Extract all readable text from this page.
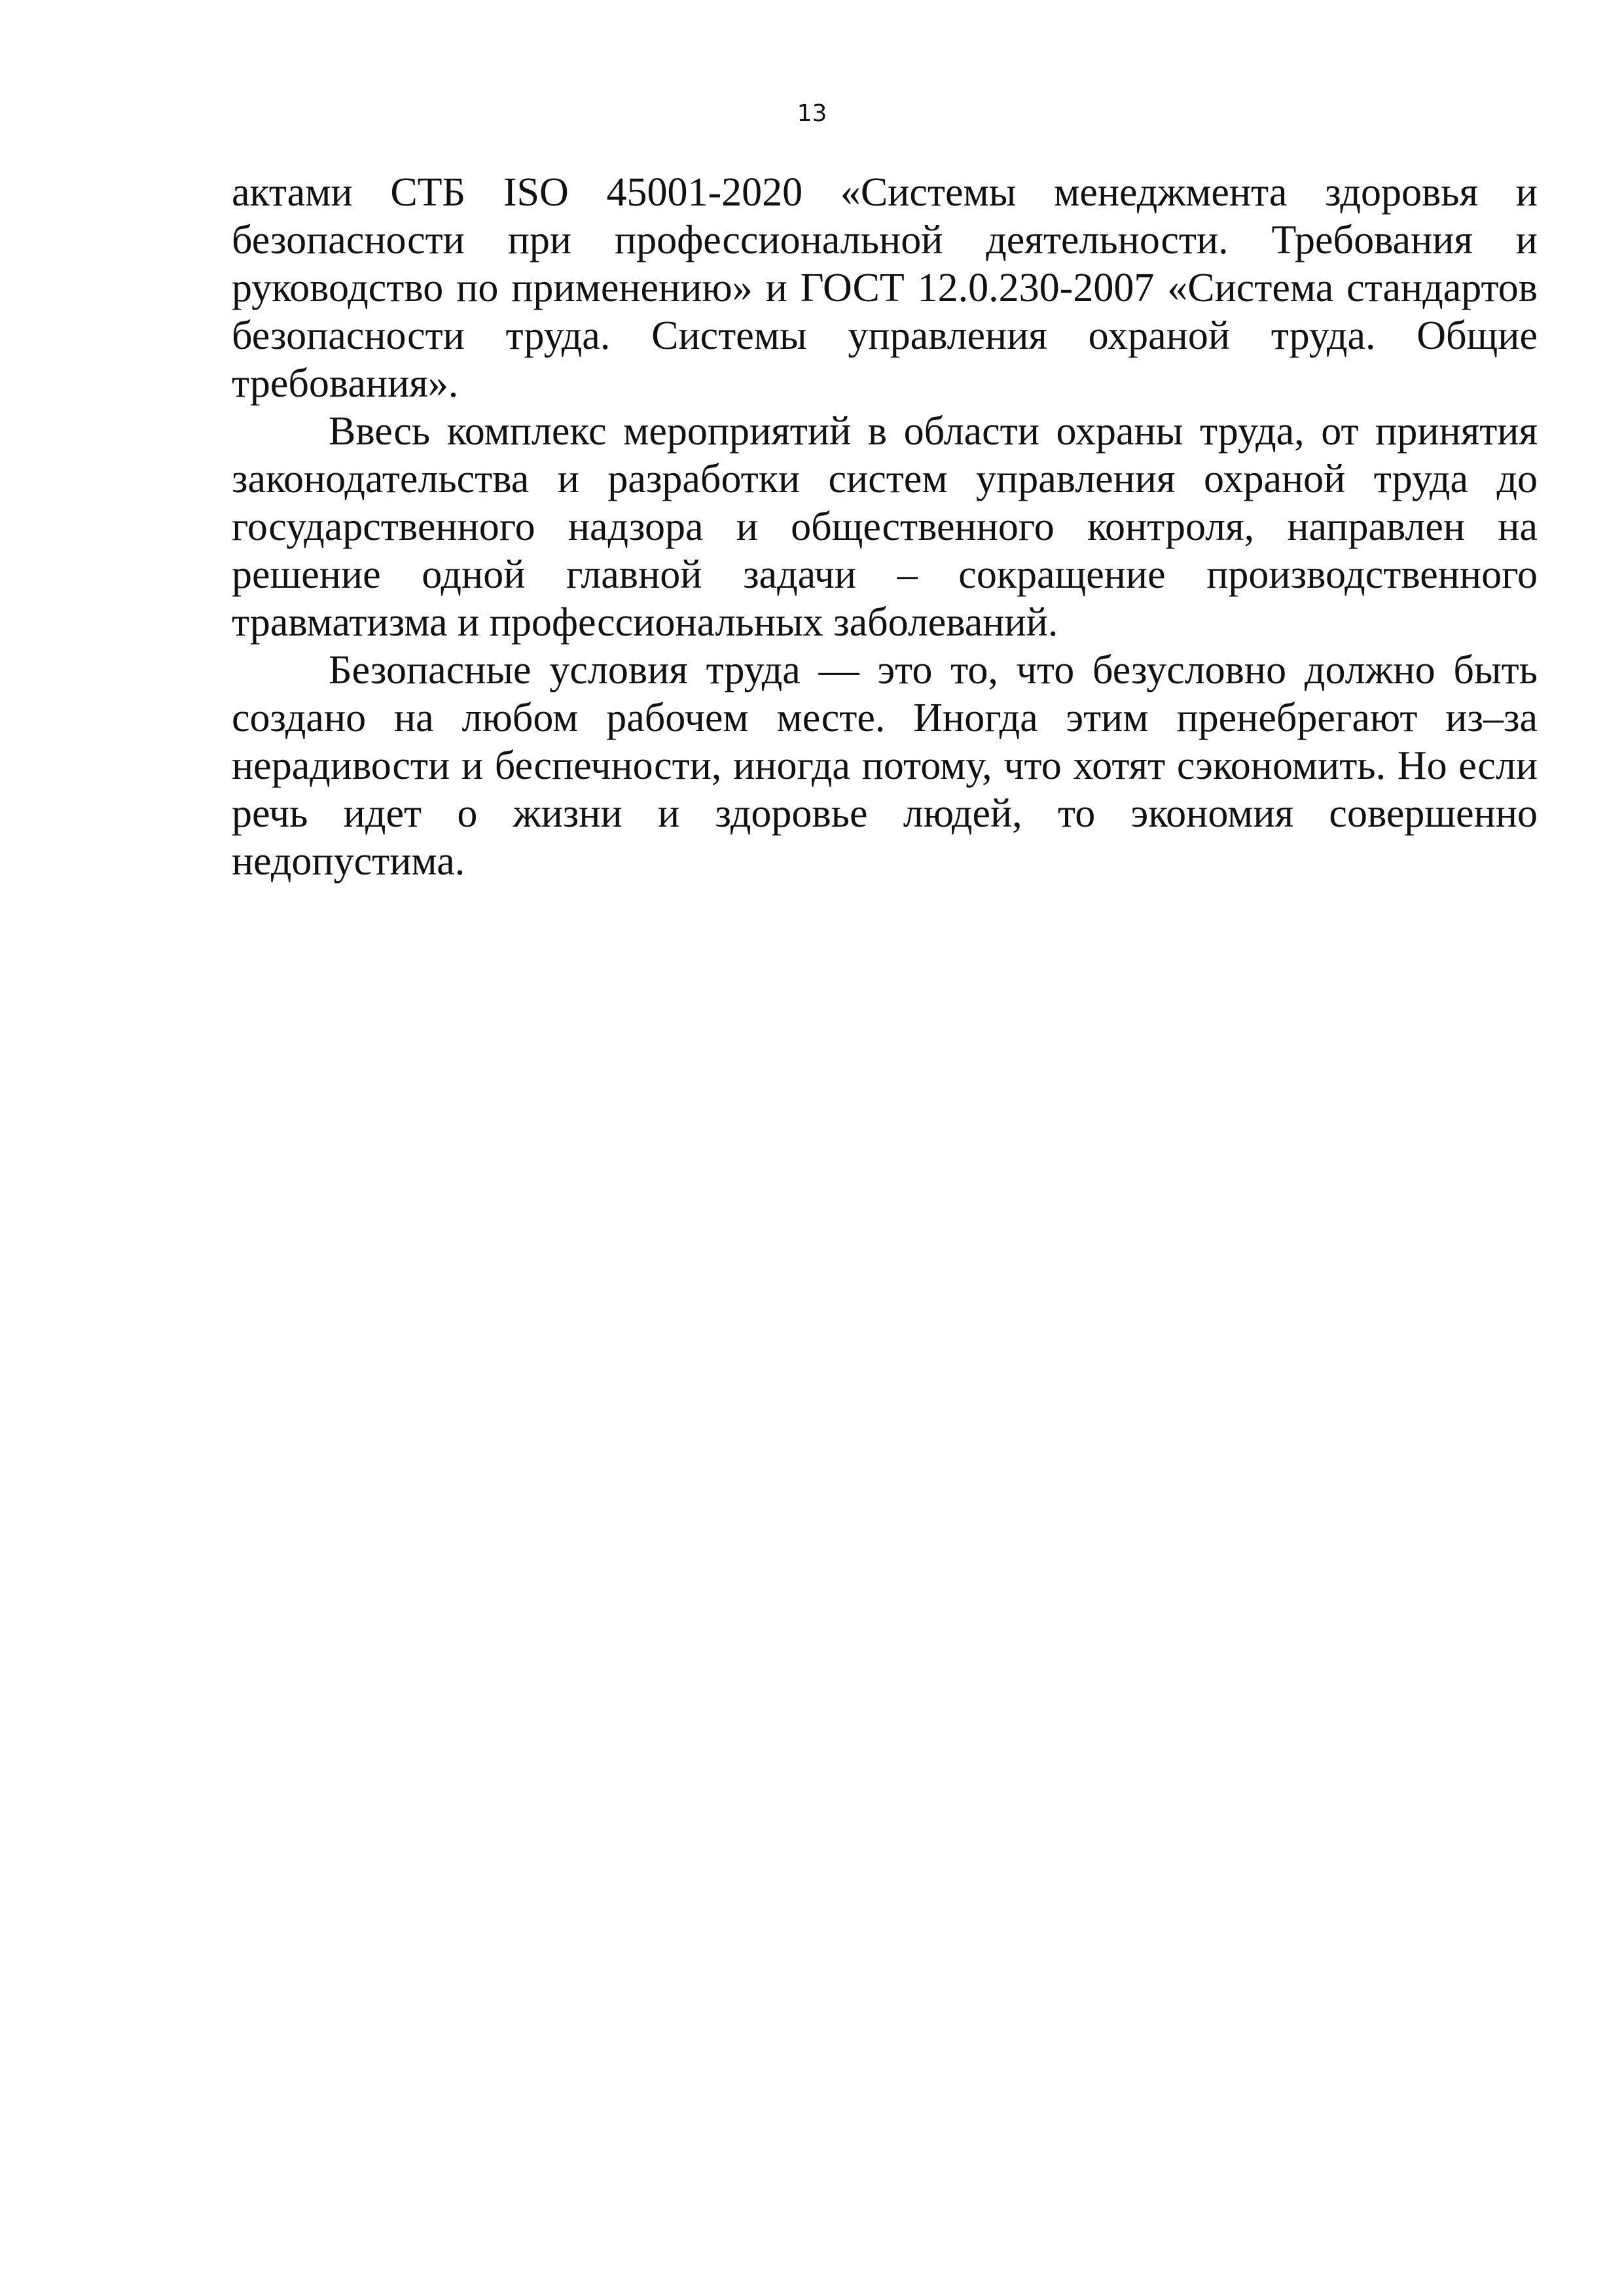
13

актами СТБ ISO 45001-2020 «Системы менеджмента здоровья и безопасности при профессиональной деятельности. Требования и руководство по применению» и ГОСТ 12.0.230-2007 «Система стандартов безопасности труда. Системы управления охраной труда. Общие требования».

Ввесь комплекс мероприятий в области охраны труда, от принятия законодательства и разработки систем управления охраной труда до государственного надзора и общественного контроля, направлен на решение одной главной задачи – сокращение производственного травматизма и профессиональных заболеваний.

Безопасные условия труда — это то, что безусловно должно быть создано на любом рабочем месте. Иногда этим пренебрегают из–за нерадивости и беспечности, иногда потому, что хотят сэкономить. Но если речь идет о жизни и здоровье людей, то экономия совершенно недопустима.
